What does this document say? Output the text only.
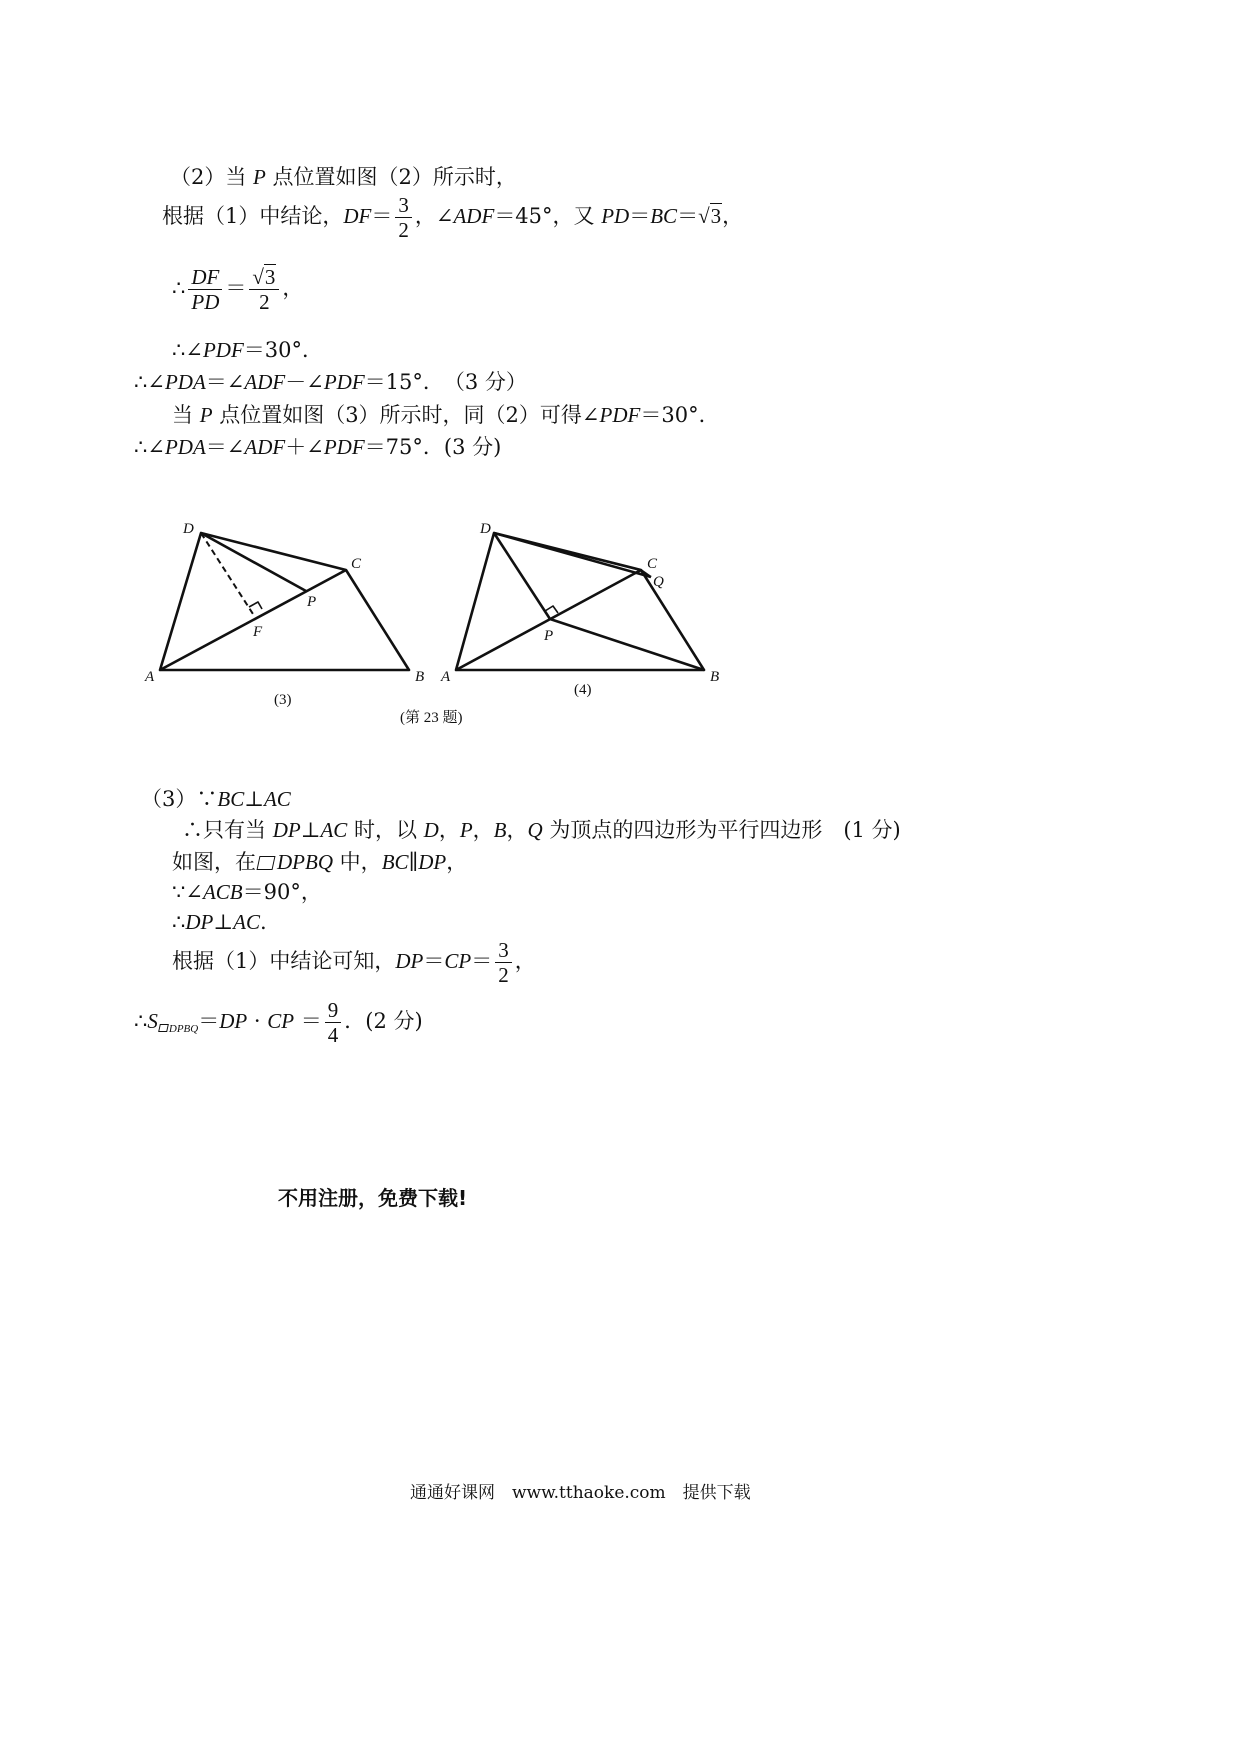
（2）当 P 点位置如图（2）所示时，
根据（1）中结论，$DF= \frac{3}{2}$ ，∠ADF＝45°，又 PD＝BC＝√3，
∴ $\frac{DF}{PD} = \frac{√3}{2}$ ，
∴∠PDF＝30°．
∴∠PDA＝∠ADF－∠PDF＝15°．　（3 分）
当 P 点位置如图（3）所示时，同（2）可得∠PDF＝30°．
∴∠PDA＝∠ADF＋∠PDF＝75°．(3 分)
D
C
P
F
A	B
(3)
D
C
Q
P
A	B
(4)
(第 23 题)
（3）∵BC⊥AC
∴只有当 DP⊥AC 时，以 D，P，B，Q 为顶点的四边形为平行四边形　(1 分)
如图，在 DPBQ 中，BC∥DP，
∵∠ACB＝90°，
∴DP⊥AC.
根据（1）中结论可知，$DP=CP= \frac{3}{2}$ ，
∴S $_{DPBQ}$＝DP · CP ＝ $\frac{9}{4}$ ．(2 分)
不用注册，免费下载!
通通好课网　www.tthaoke.com　提供下载
